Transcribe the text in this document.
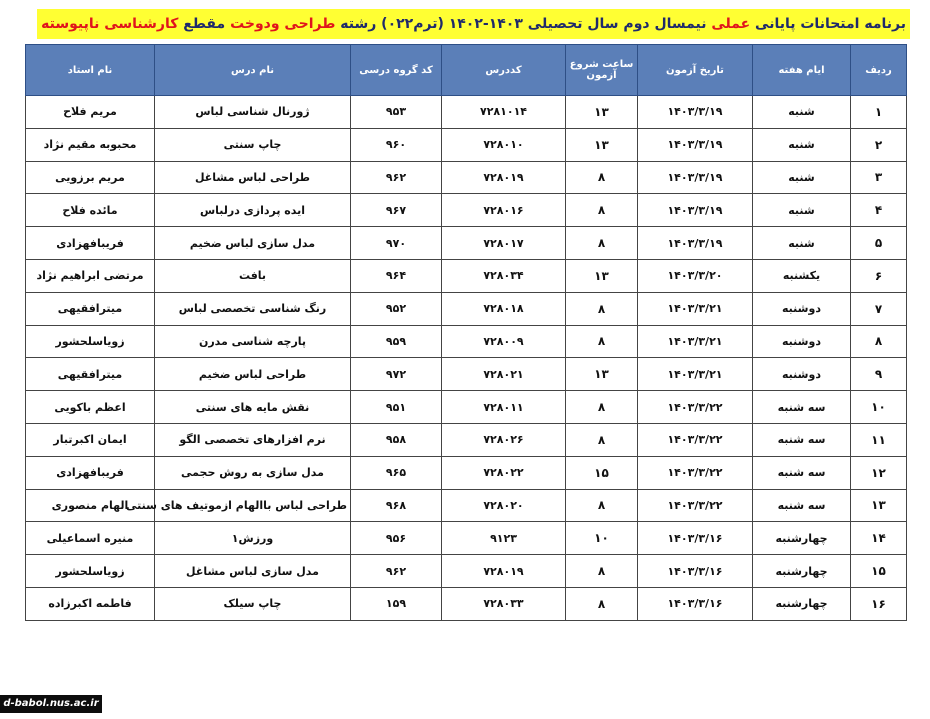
برنامه امتحانات پایانی عملی نیمسال دوم سال تحصیلی ۱۴۰۳-۱۴۰۲ (ترم۰۲۲) رشته طراحی ودوخت مقطع کارشناسی ناپیوسته
ردیف	ایام هفته	تاریخ آزمون	ساعت شروع آزمون	کددرس	کد گروه درسی	نام درس	نام استاد
۱	شنبه	۱۴۰۳/۳/۱۹	۱۳	۷۲۸۱۰۱۴	۹۵۳	ژورنال شناسی لباس	مریم فلاح
۲	شنبه	۱۴۰۳/۳/۱۹	۱۳	۷۲۸۰۱۰	۹۶۰	چاپ سنتی	محبوبه مقیم نژاد
۳	شنبه	۱۴۰۳/۳/۱۹	۸	۷۲۸۰۱۹	۹۶۲	طراحی لباس مشاغل	مریم برزویی
۴	شنبه	۱۴۰۳/۳/۱۹	۸	۷۲۸۰۱۶	۹۶۷	ایده پردازی درلباس	مائده فلاح
۵	شنبه	۱۴۰۳/۳/۱۹	۸	۷۲۸۰۱۷	۹۷۰	مدل سازی لباس ضخیم	فریبافهزادی
۶	یکشنبه	۱۴۰۳/۳/۲۰	۱۳	۷۲۸۰۳۴	۹۶۴	بافت	مرتضی ابراهیم نژاد
۷	دوشنبه	۱۴۰۳/۳/۲۱	۸	۷۲۸۰۱۸	۹۵۲	رنگ شناسی تخصصی لباس	میترافقیهی
۸	دوشنبه	۱۴۰۳/۳/۲۱	۸	۷۲۸۰۰۹	۹۵۹	پارچه شناسی مدرن	زویاسلحشور
۹	دوشنبه	۱۴۰۳/۳/۲۱	۱۳	۷۲۸۰۲۱	۹۷۲	طراحی لباس ضخیم	میترافقیهی
۱۰	سه شنبه	۱۴۰۳/۳/۲۲	۸	۷۲۸۰۱۱	۹۵۱	نقش مایه های سنتی	اعظم باکویی
۱۱	سه شنبه	۱۴۰۳/۳/۲۲	۸	۷۲۸۰۲۶	۹۵۸	نرم افزارهای تخصصی الگو	ایمان اکبرتبار
۱۲	سه شنبه	۱۴۰۳/۳/۲۲	۱۵	۷۲۸۰۲۲	۹۶۵	مدل سازی به روش حجمی	فریبافهزادی
۱۳	سه شنبه	۱۴۰۳/۳/۲۲	۸	۷۲۸۰۲۰	۹۶۸	طراحی لباس باالهام ازموتیف های سنتی	الهام منصوری
۱۴	چهارشنبه	۱۴۰۳/۳/۱۶	۱۰	۹۱۲۳	۹۵۶	ورزش۱	منیره اسماعیلی
۱۵	چهارشنبه	۱۴۰۳/۳/۱۶	۸	۷۲۸۰۱۹	۹۶۲	مدل سازی لباس مشاغل	زویاسلحشور
۱۶	چهارشنبه	۱۴۰۳/۳/۱۶	۸	۷۲۸۰۳۳	۱۵۹	چاپ سیلک	فاطمه اکبرزاده
d-babol.nus.ac.ir
